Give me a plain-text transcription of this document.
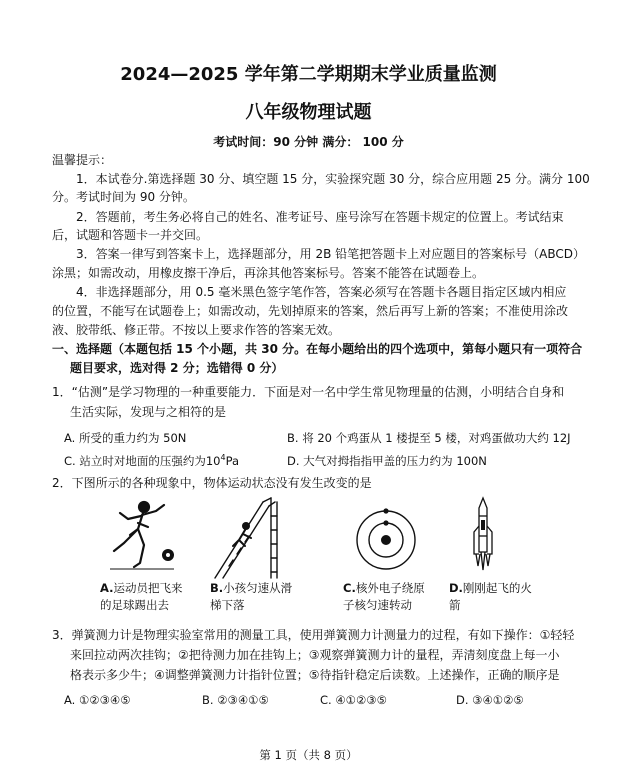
2024—2025 学年第二学期期末学业质量监测
八年级物理试题
考试时间：90 分钟 满分： 100 分
温馨提示：
1．本试卷分.第选择题 30 分、填空题 15 分，实验探究题 30 分，综合应用题 25 分。满分 100
分。考试时间为 90 分钟。
2．答题前，考生务必将自己的姓名、准考证号、座号涂写在答题卡规定的位置上。考试结束
后，试题和答题卡一并交回。
3．答案一律写到答案卡上，选择题部分，用 2B 铅笔把答题卡上对应题目的答案标号（ABCD）
涂黑；如需改动，用橡皮擦干净后，再涂其他答案标号。答案不能答在试题卷上。
4．非选择题部分，用 0.5 毫米黑色签字笔作答，答案必须写在答题卡各题目指定区域内相应
的位置，不能写在试题卷上；如需改动，先划掉原来的答案，然后再写上新的答案；不准使用涂改
液、胶带纸、修正带。不按以上要求作答的答案无效。
一、选择题（本题包括 15 个小题，共 30 分。在每小题给出的四个选项中，第每小题只有一项符合
题目要求，选对得 2 分；选错得 0 分）
1．“估测”是学习物理的一种重要能力．下面是对一名中学生常见物理量的估测，小明结合自身和
生活实际，发现与之相符的是
A. 所受的重力约为 50N	B. 将 20 个鸡蛋从 1 楼提至 5 楼，对鸡蛋做功大约 12J
C. 站立时对地面的压强约为$10^4Pa$	D. 大气对拇指指甲盖的压力约为 100N
2．下图所示的各种现象中，物体运动状态没有发生改变的是
A.运动员把飞来
的足球踢出去
B.小孩匀速从滑
梯下落
C.核外电子绕原
子核匀速转动
D.刚刚起飞的火
箭
3．弹簧测力计是物理实验室常用的测量工具，使用弹簧测力计测量力的过程，有如下操作：①轻轻
来回拉动两次挂钩；②把待测力加在挂钩上；③观察弹簧测力计的量程，弄清刻度盘上每一小
格表示多少牛；④调整弹簧测力计指针位置；⑤待指针稳定后读数。上述操作，正确的顺序是
A. ①②③④⑤	B. ②③④①⑤	C. ④①②③⑤	D. ③④①②⑤
第 1 页（共 8 页）
